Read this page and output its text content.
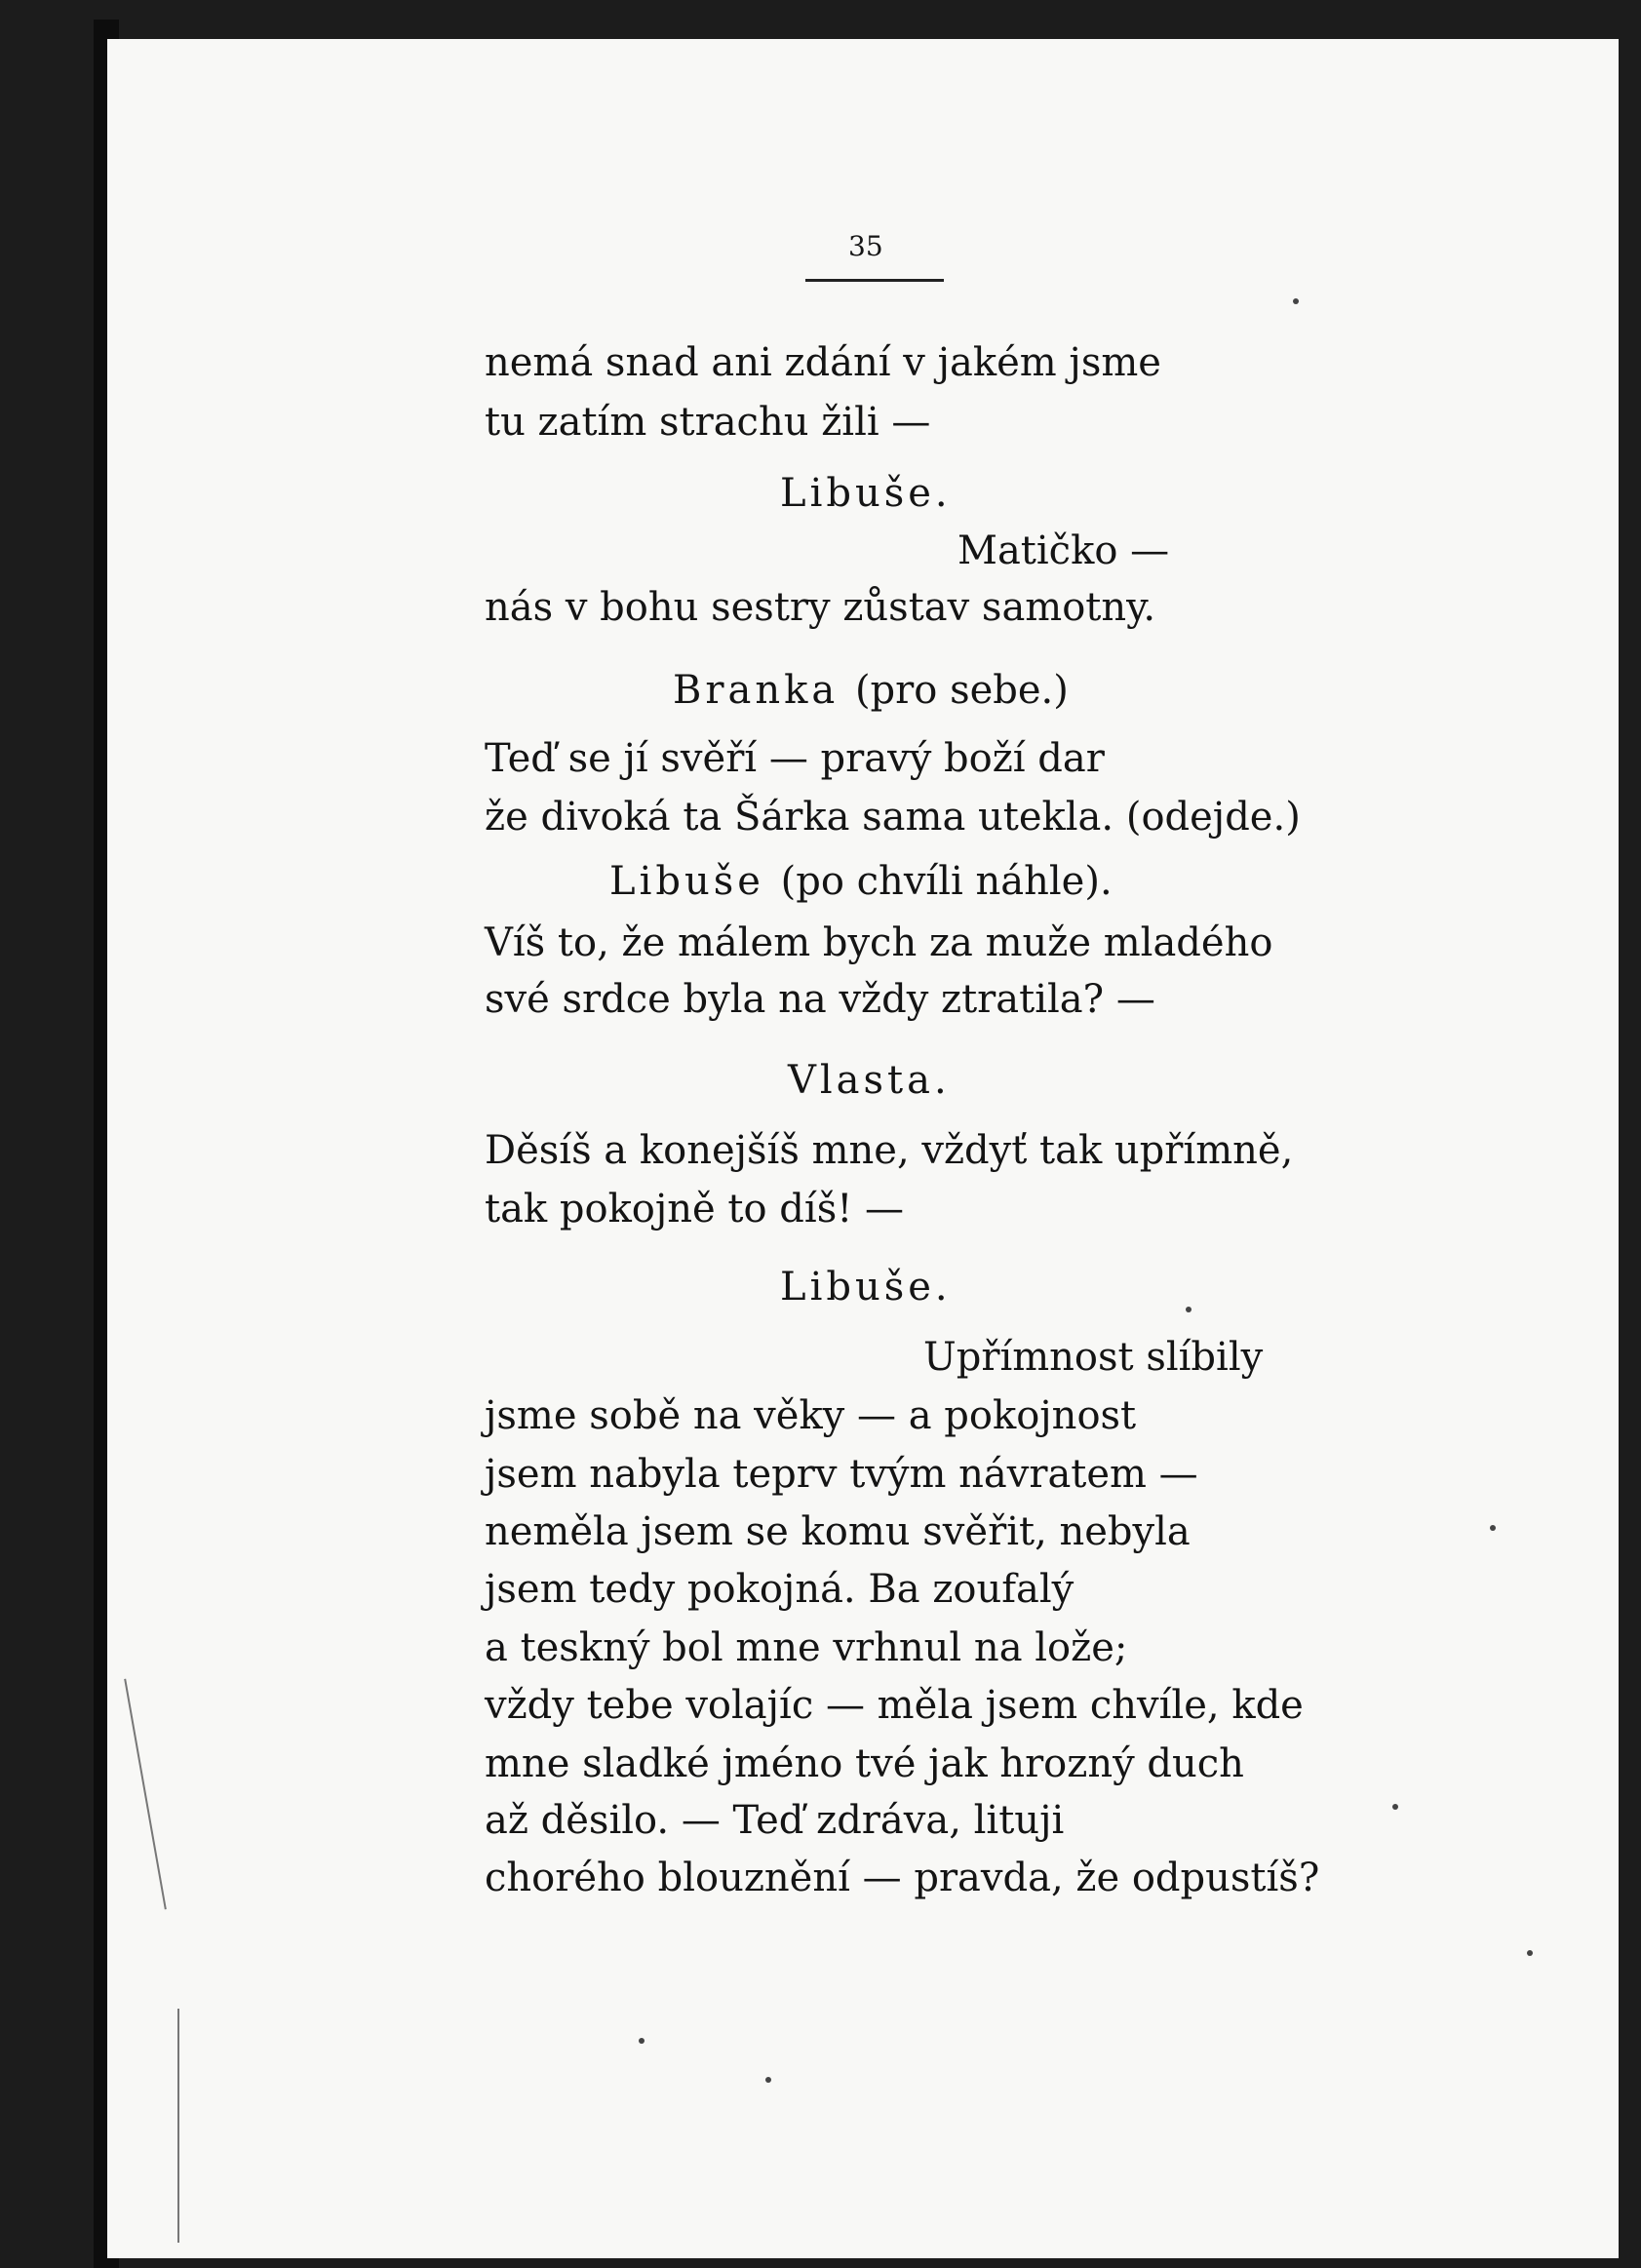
35
nemá snad ani zdání v jakém jsme
tu zatím strachu žili —
Libuše.
Matičko —
nás v bohu sestry zůstav samotny.
Branka (pro sebe.)
Teď se jí svěří — pravý boží dar
že divoká ta Šárka sama utekla. (odejde.)
Libuše (po chvíli náhle).
Víš to, že málem bych za muže mladého
své srdce byla na vždy ztratila? —
Vlasta.
Děsíš a konejšíš mne, vždyť tak upřímně,
tak pokojně to díš! —
Libuše.
Upřímnost slíbily
jsme sobě na věky — a pokojnost
jsem nabyla teprv tvým návratem —
neměla jsem se komu svěřit, nebyla
jsem tedy pokojná. Ba zoufalý
a teskný bol mne vrhnul na lože;
vždy tebe volajíc — měla jsem chvíle, kde
mne sladké jméno tvé jak hrozný duch
až děsilo. — Teď zdráva, lituji
chorého blouznění — pravda, že odpustíš?
